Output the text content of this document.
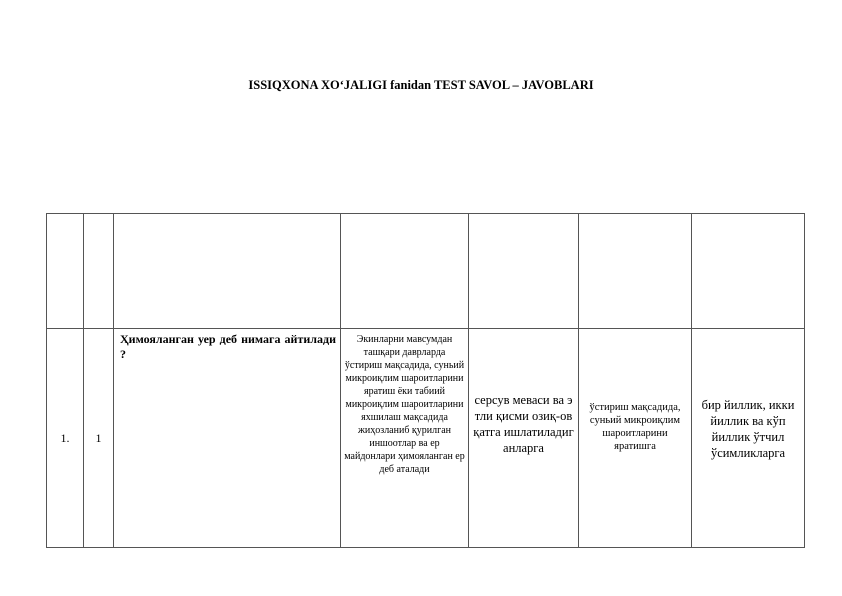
ISSIQXONA XOʻJALIGI fanidan TEST SAVOL – JAVOBLARI

1.	1	Ҳимояланган уер деб нимага айтилади ?	Экинларни мавсумдан ташқари даврларда ўстириш мақсадида, суньий микроиқлим шароитларини яратиш ёки табиий микроиқлим шароитларини яхшилаш мақсадида жиҳозланиб қурилган иншоотлар ва ер майдонлари ҳимояланган ер деб аталади	серсув меваси ва этли қисми озиқ-овқатга ишлатиладиганларга	ўстириш мақсадида, суньий микроиқлим шароитларини яратишга	бир йиллик, икки йиллик ва кўп йиллик ўтчил ўсимликларга
